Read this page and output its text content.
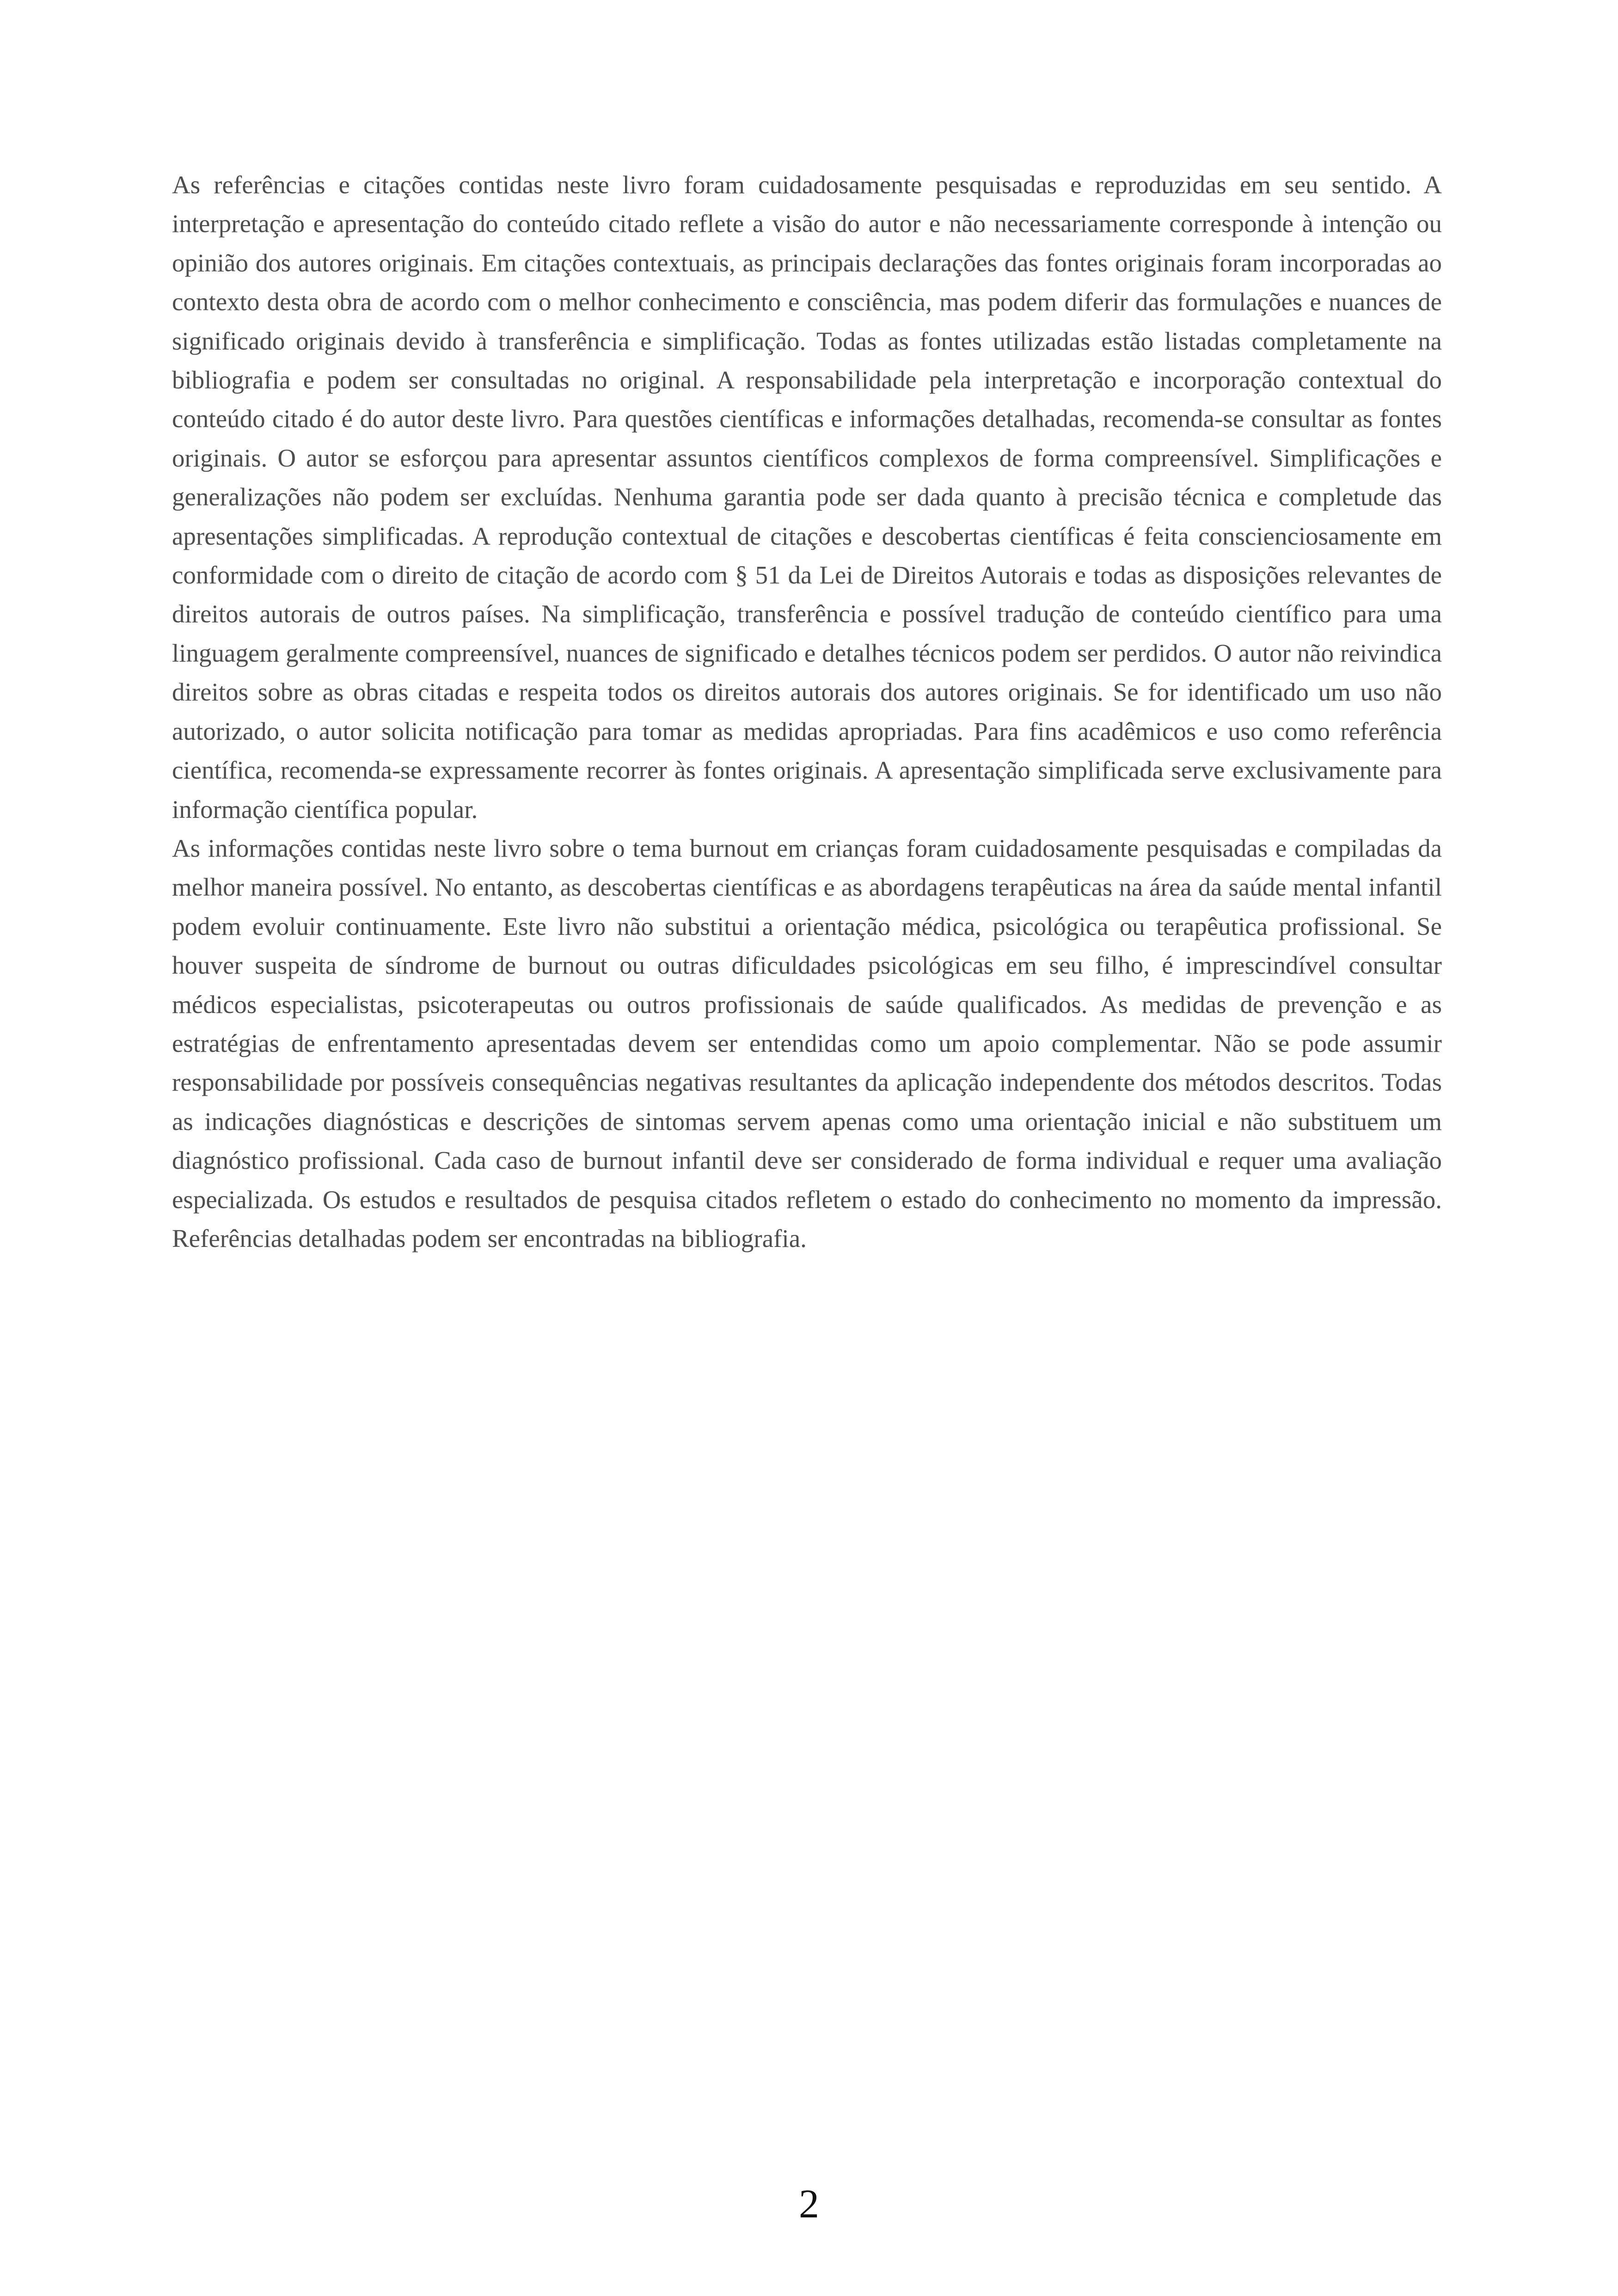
As referências e citações contidas neste livro foram cuidadosamente pesquisadas e reproduzidas em seu sentido. A interpretação e apresentação do conteúdo citado reflete a visão do autor e não necessariamente corresponde à intenção ou opinião dos autores originais. Em citações contextuais, as principais declarações das fontes originais foram incorporadas ao contexto desta obra de acordo com o melhor conhecimento e consciência, mas podem diferir das formulações e nuances de significado originais devido à transferência e simplificação. Todas as fontes utilizadas estão listadas completamente na bibliografia e podem ser consultadas no original. A responsabilidade pela interpretação e incorporação contextual do conteúdo citado é do autor deste livro. Para questões científicas e informações detalhadas, recomenda-se consultar as fontes originais. O autor se esforçou para apresentar assuntos científicos complexos de forma compreensível. Simplificações e generalizações não podem ser excluídas. Nenhuma garantia pode ser dada quanto à precisão técnica e completude das apresentações simplificadas. A reprodução contextual de citações e descobertas científicas é feita conscienciosamente em conformidade com o direito de citação de acordo com § 51 da Lei de Direitos Autorais e todas as disposições relevantes de direitos autorais de outros países. Na simplificação, transferência e possível tradução de conteúdo científico para uma linguagem geralmente compreensível, nuances de significado e detalhes técnicos podem ser perdidos. O autor não reivindica direitos sobre as obras citadas e respeita todos os direitos autorais dos autores originais. Se for identificado um uso não autorizado, o autor solicita notificação para tomar as medidas apropriadas. Para fins acadêmicos e uso como referência científica, recomenda-se expressamente recorrer às fontes originais. A apresentação simplificada serve exclusivamente para informação científica popular.

As informações contidas neste livro sobre o tema burnout em crianças foram cuidadosamente pesquisadas e compiladas da melhor maneira possível. No entanto, as descobertas científicas e as abordagens terapêuticas na área da saúde mental infantil podem evoluir continuamente. Este livro não substitui a orientação médica, psicológica ou terapêutica profissional. Se houver suspeita de síndrome de burnout ou outras dificuldades psicológicas em seu filho, é imprescindível consultar médicos especialistas, psicoterapeutas ou outros profissionais de saúde qualificados. As medidas de prevenção e as estratégias de enfrentamento apresentadas devem ser entendidas como um apoio complementar. Não se pode assumir responsabilidade por possíveis consequências negativas resultantes da aplicação independente dos métodos descritos. Todas as indicações diagnósticas e descrições de sintomas servem apenas como uma orientação inicial e não substituem um diagnóstico profissional. Cada caso de burnout infantil deve ser considerado de forma individual e requer uma avaliação especializada. Os estudos e resultados de pesquisa citados refletem o estado do conhecimento no momento da impressão. Referências detalhadas podem ser encontradas na bibliografia.

2
